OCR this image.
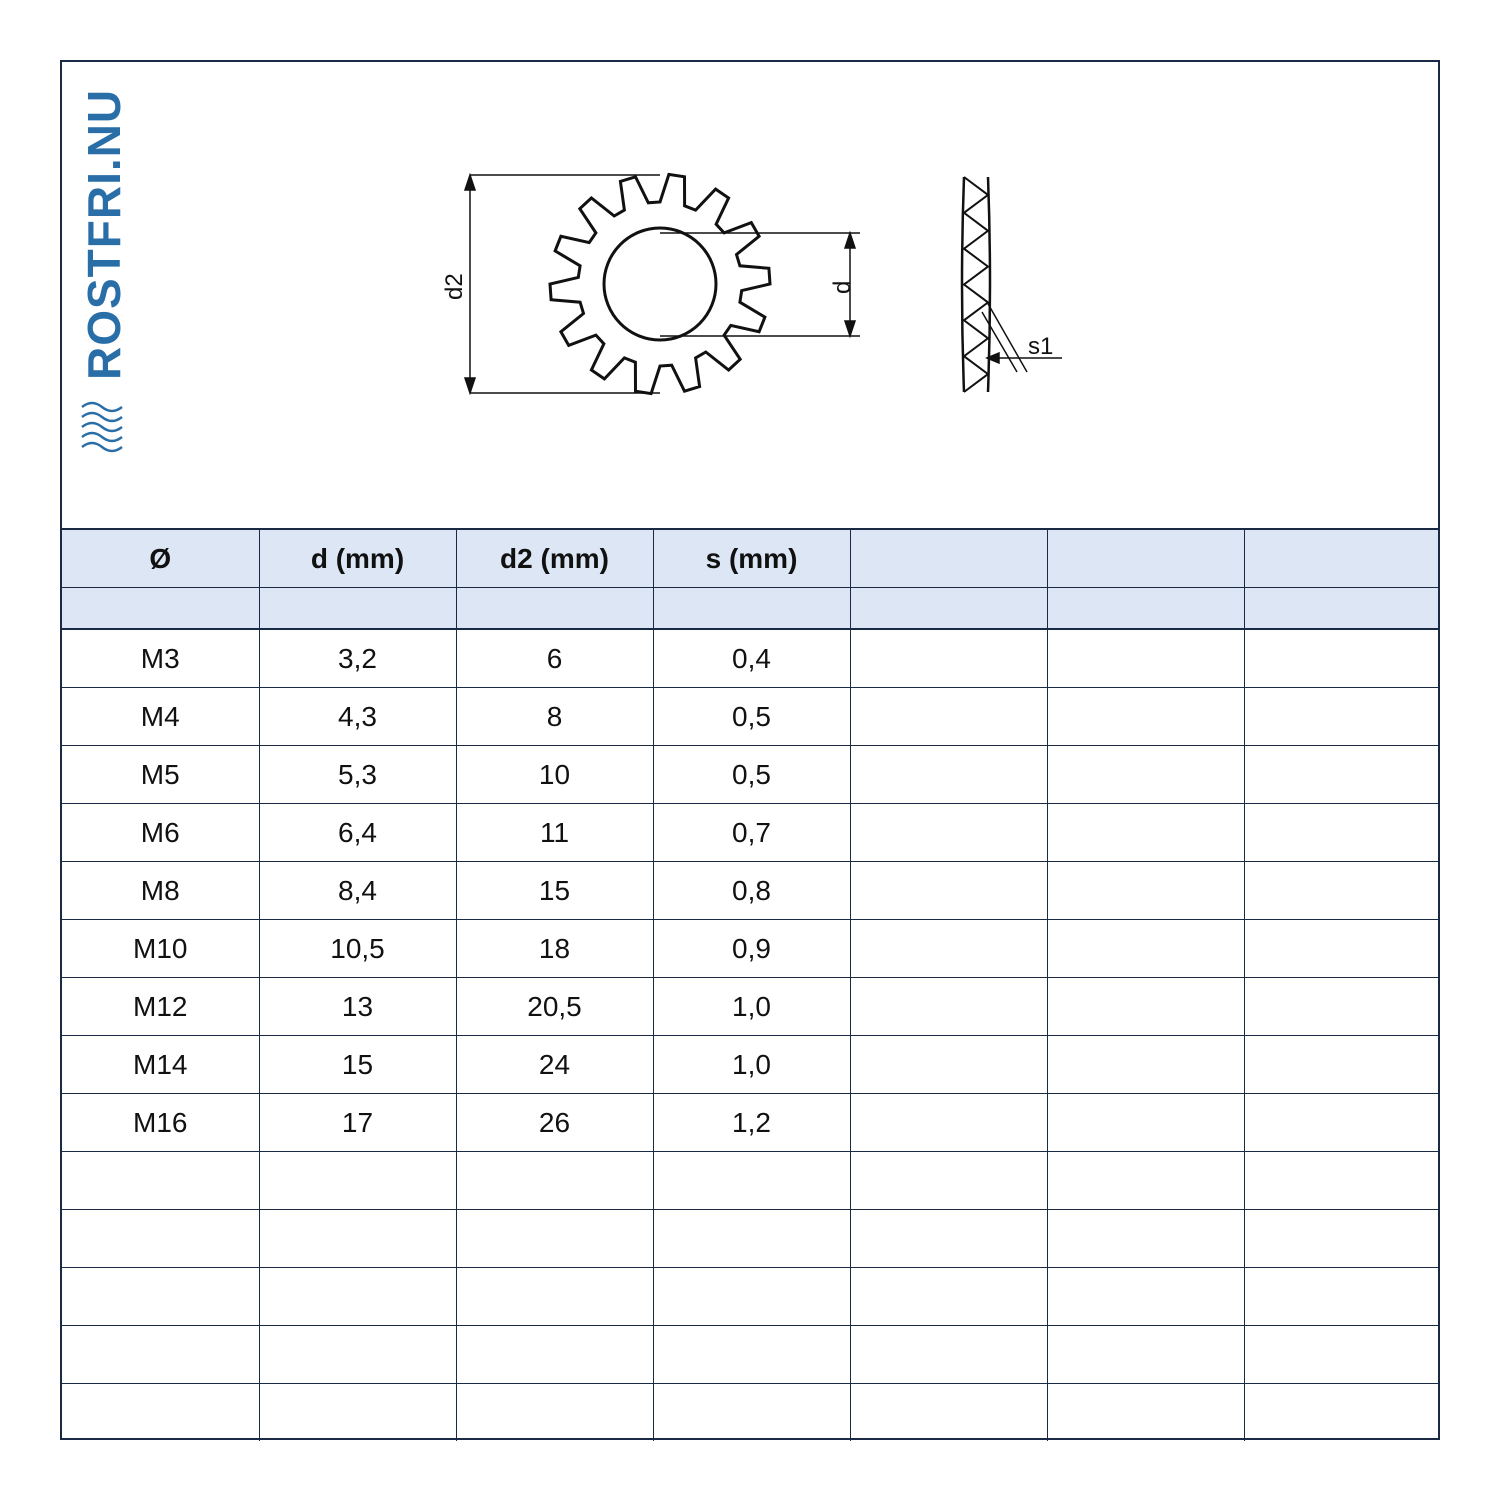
d2	d
s1
ROSTFRI.NU
Ø	d (mm)	d2 (mm)	s (mm)			

M3	3,2	6	0,4			
M4	4,3	8	0,5			
M5	5,3	10	0,5			
M6	6,4	11	0,7			
M8	8,4	15	0,8			
M10	10,5	18	0,9			
M12	13	20,5	1,0			
M14	15	24	1,0			
M16	17	26	1,2			
